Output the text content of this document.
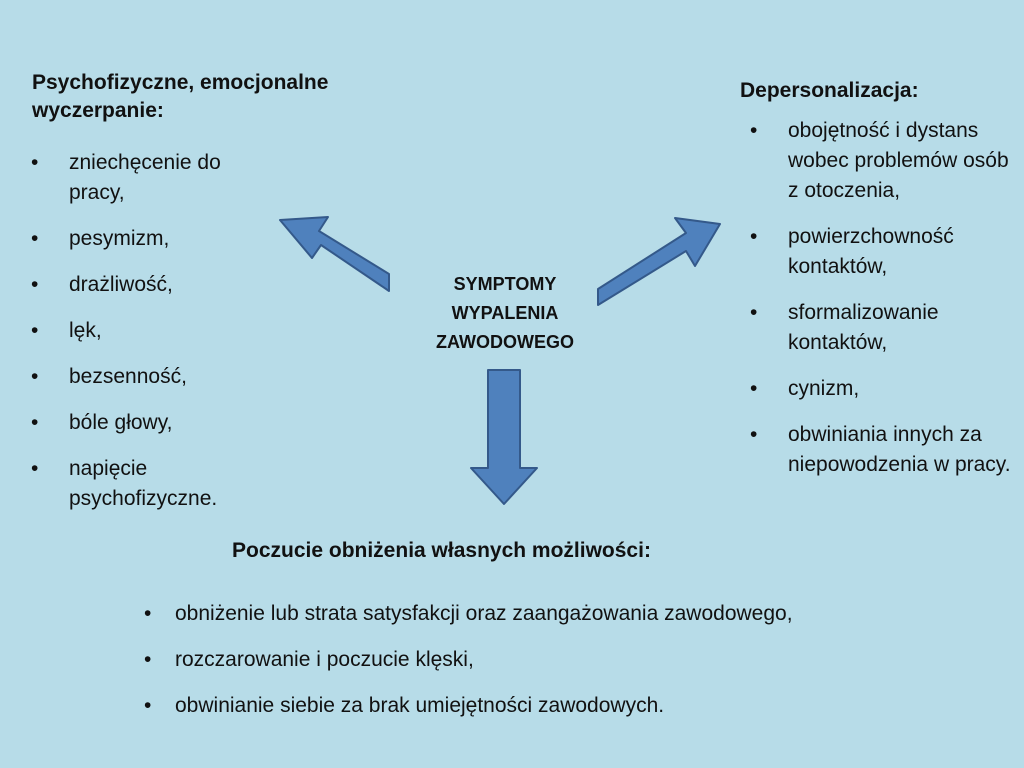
SYMPTOMY
WYPALENIA
ZAWODOWEGO
Psychofizyczne, emocjonalne
wyczerpanie:
• zniechęcenie do pracy,
• pesymizm,
• drażliwość,
• lęk,
• bezsenność,
• bóle głowy,
• napięcie psychofizyczne.
Depersonalizacja:
• obojętność i dystans wobec problemów osób z otoczenia,
• powierzchowność kontaktów,
• sformalizowanie kontaktów,
• cynizm,
• obwiniania innych za niepowodzenia w pracy.
Poczucie obniżenia własnych możliwości:
• obniżenie lub strata satysfakcji oraz zaangażowania zawodowego,
• rozczarowanie i poczucie klęski,
• obwinianie siebie za brak umiejętności zawodowych.
